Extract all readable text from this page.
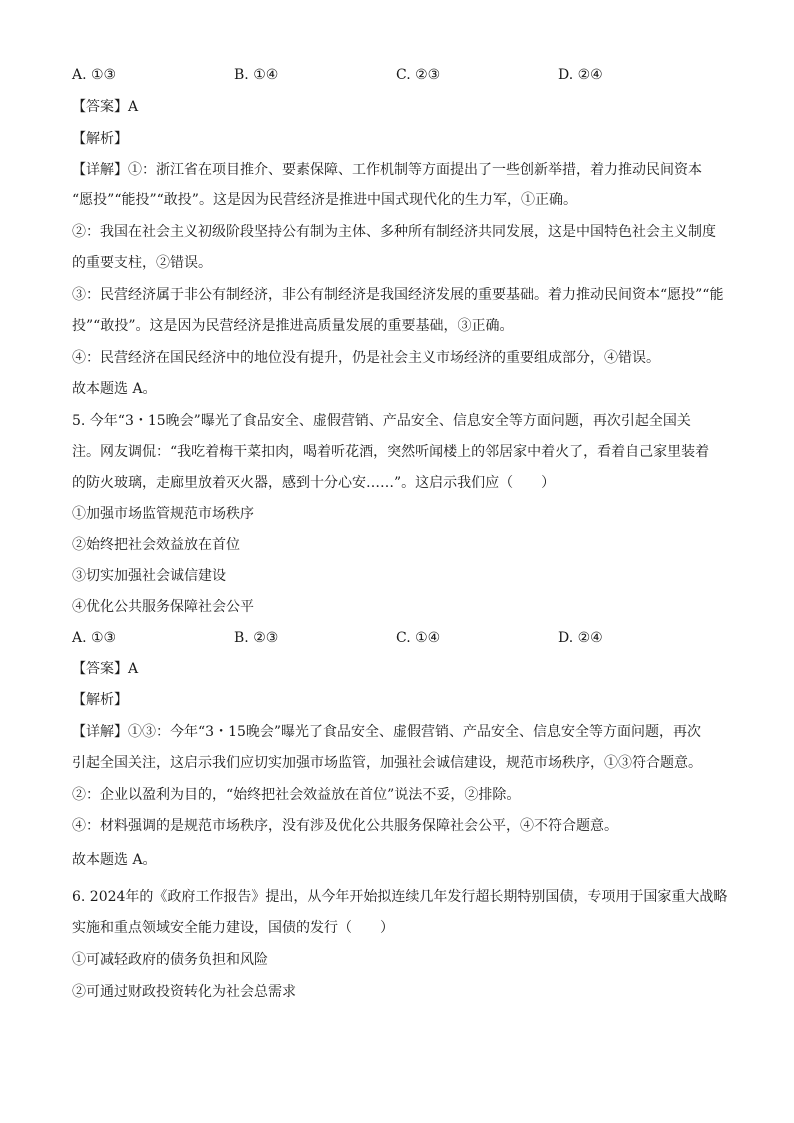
A. ①③	B. ①④	C. ②③	D. ②④
【答案】A
【解析】
【详解】①：浙江省在项目推介、要素保障、工作机制等方面提出了一些创新举措，着力推动民间资本
“愿投”“能投”“敢投”。这是因为民营经济是推进中国式现代化的生力军，①正确。
②：我国在社会主义初级阶段坚持公有制为主体、多种所有制经济共同发展，这是中国特色社会主义制度
的重要支柱，②错误。
③：民营经济属于非公有制经济，非公有制经济是我国经济发展的重要基础。着力推动民间资本“愿投”“能
投”“敢投”。这是因为民营经济是推进高质量发展的重要基础，③正确。
④：民营经济在国民经济中的地位没有提升，仍是社会主义市场经济的重要组成部分，④错误。
故本题选 A。
5. 今年“3・15晚会”曝光了食品安全、虚假营销、产品安全、信息安全等方面问题，再次引起全国关
注。网友调侃：“我吃着梅干菜扣肉，喝着听花酒，突然听闻楼上的邻居家中着火了，看着自己家里装着
的防火玻璃，走廊里放着灭火器，感到十分心安……”。这启示我们应（　　）
①加强市场监管规范市场秩序
②始终把社会效益放在首位
③切实加强社会诚信建设
④优化公共服务保障社会公平
A. ①③	B. ②③	C. ①④	D. ②④
【答案】A
【解析】
【详解】①③：今年“3・15晚会”曝光了食品安全、虚假营销、产品安全、信息安全等方面问题，再次
引起全国关注，这启示我们应切实加强市场监管，加强社会诚信建设，规范市场秩序，①③符合题意。
②：企业以盈利为目的，“始终把社会效益放在首位”说法不妥，②排除。
④：材料强调的是规范市场秩序，没有涉及优化公共服务保障社会公平，④不符合题意。
故本题选 A。
6. 2024年的《政府工作报告》提出，从今年开始拟连续几年发行超长期特别国债，专项用于国家重大战略
实施和重点领域安全能力建设，国债的发行（　　）
①可减轻政府的债务负担和风险
②可通过财政投资转化为社会总需求
